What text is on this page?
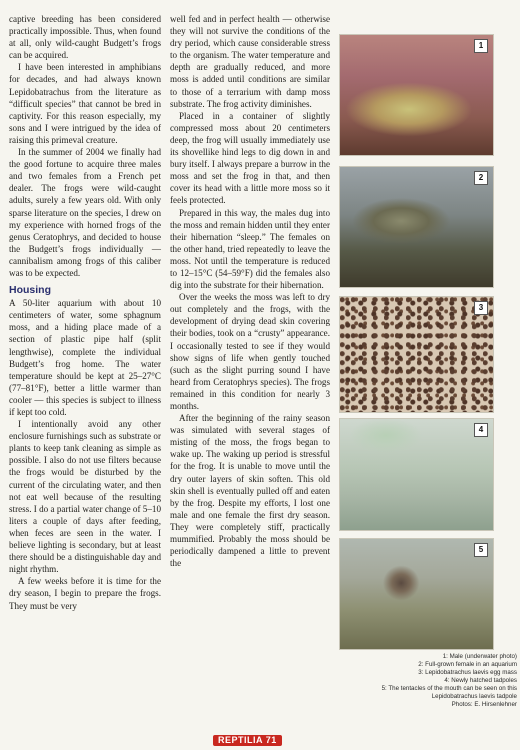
captive breeding has been considered practically impossible. Thus, when found at all, only wild-caught Budgett’s frogs can be acquired.

I have been interested in amphibians for decades, and had always known Lepidobatrachus from the literature as “difficult species” that cannot be bred in captivity. For this reason especially, my sons and I were intrigued by the idea of raising this primeval creature.

In the summer of 2004 we finally had the good fortune to acquire three males and two females from a French pet dealer. The frogs were wild-caught adults, surely a few years old. With only sparse literature on the species, I drew on my experience with horned frogs of the genus Ceratophrys, and decided to house the Budgett’s frogs individually — cannibalism among frogs of this caliber was to be expected.

Housing

A 50-liter aquarium with about 10 centimeters of water, some sphagnum moss, and a hiding place made of a section of plastic pipe half (split lengthwise), complete the individual Budgett’s frog home. The water temperature should be kept at 25–27°C (77–81°F), better a little warmer than cooler — this species is subject to illness if kept too cold.

I intentionally avoid any other enclosure furnishings such as substrate or plants to keep tank cleaning as simple as possible. I also do not use filters because the frogs would be disturbed by the current of the circulating water, and then not eat well because of the resulting stress. I do a partial water change of 5–10 liters a couple of days after feeding, when feces are seen in the water. I believe lighting is secondary, but at least there should be a distinguishable day and night rhythm.

A few weeks before it is time for the dry season, I begin to prepare the frogs. They must be very

well fed and in perfect health — otherwise they will not survive the conditions of the dry period, which cause considerable stress to the organism. The water temperature and depth are gradually reduced, and more moss is added until conditions are similar to those of a terrarium with damp moss substrate. The frog activity diminishes.

Placed in a container of slightly compressed moss about 20 centimeters deep, the frog will usually immediately use its shovellike hind legs to dig down in and bury itself. I always prepare a burrow in the moss and set the frog in that, and then cover its head with a little more moss so it feels protected.

Prepared in this way, the males dug into the moss and remain hidden until they enter their hibernation “sleep.” The females on the other hand, tried repeatedly to leave the moss. Not until the temperature is reduced to 12–15°C (54–59°F) did the females also dig into the substrate for their hibernation.

Over the weeks the moss was left to dry out completely and the frogs, with the development of drying dead skin covering their bodies, took on a “crusty” appearance. I occasionally tested to see if they would show signs of life when gently touched (such as the slight purring sound I have heard from Ceratophrys species). The frogs remained in this condition for nearly 3 months.

After the beginning of the rainy season was simulated with several stages of misting of the moss, the frogs began to wake up. The waking up period is stressful for the frog. It is unable to move until the dry outer layers of skin soften. This old skin shell is eventually pulled off and eaten by the frog. Despite my efforts, I lost one male and one female the first dry season. They were completely stiff, practically mummified. Probably the moss should be periodically dampened a little to prevent the

1
2
3
4
5
1: Male (underwater photo)
2: Full-grown female in an aquarium
3: Lepidobatrachus laevis egg mass
4: Newly hatched tadpoles
5: The tentacles of the mouth can be seen on this
Lepidobatrachus laevis tadpole
Photos: E. Hirsenlehner
REPTILIA 71
